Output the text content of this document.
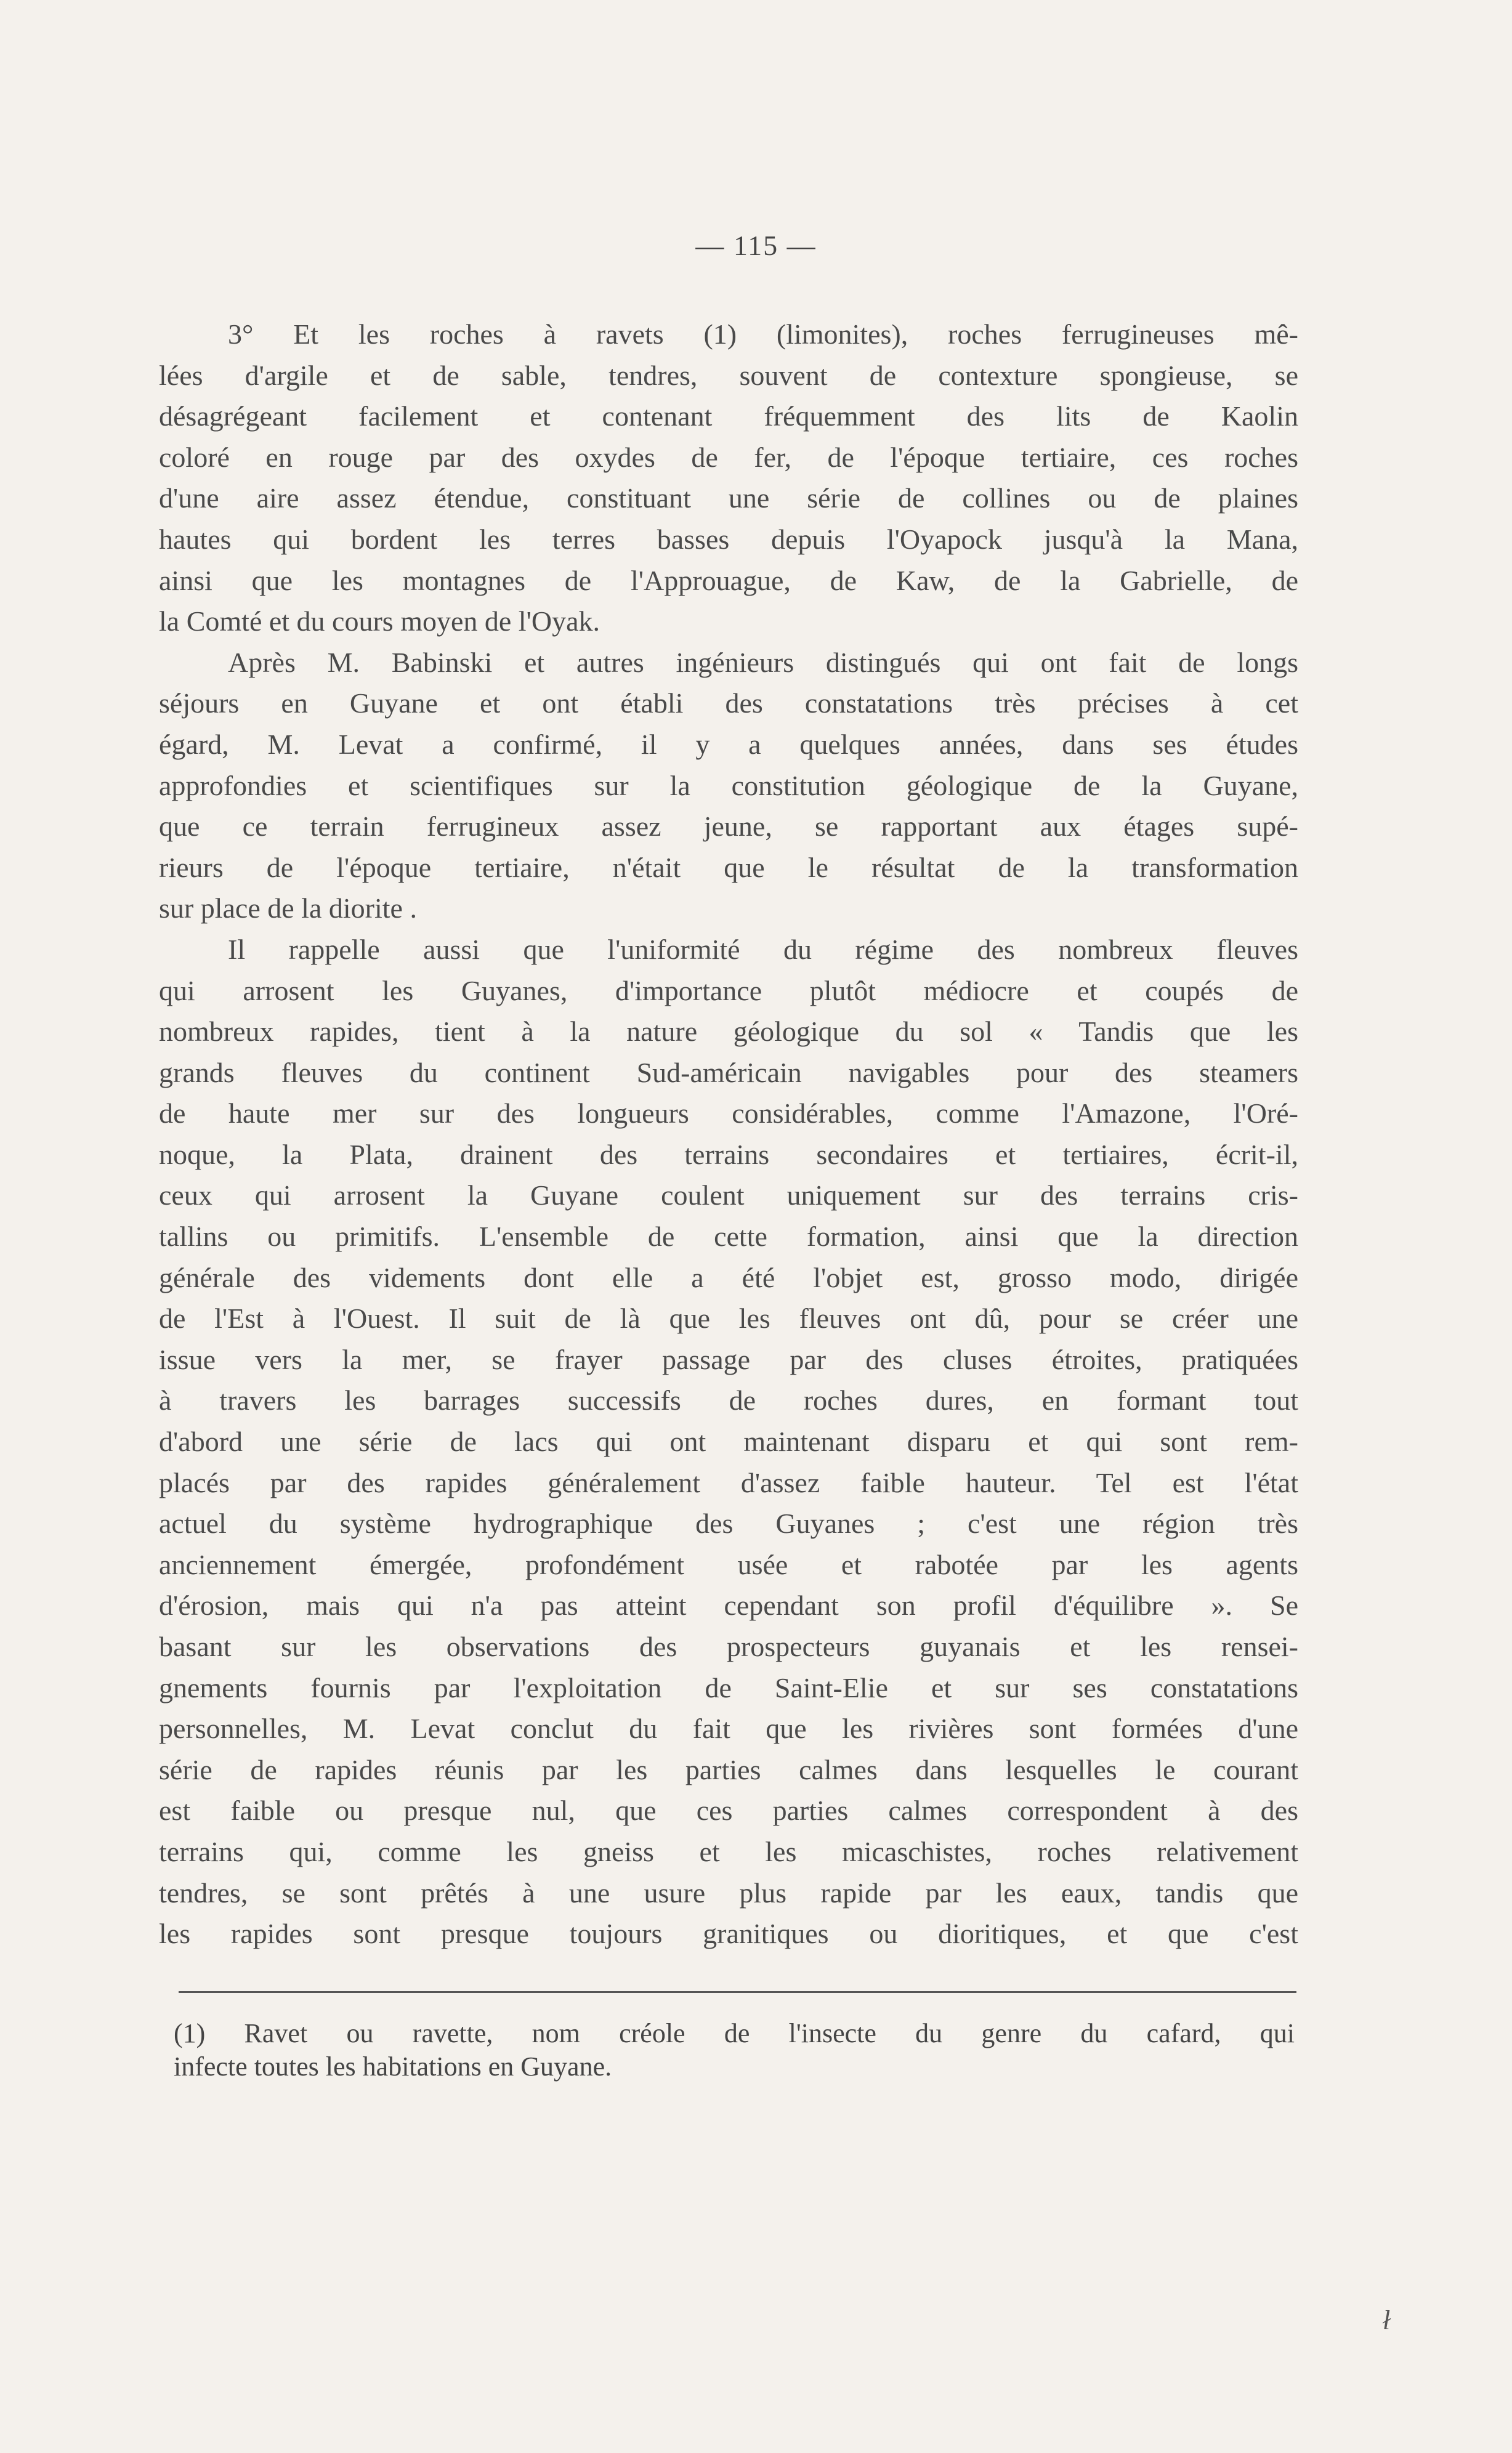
— 115 —
3° Et les roches à ravets (1) (limonites), roches ferrugineuses mê-
lées d'argile et de sable, tendres, souvent de contexture spongieuse, se
désagrégeant facilement et contenant fréquemment des lits de Kaolin
coloré en rouge par des oxydes de fer, de l'époque tertiaire, ces roches
d'une aire assez étendue, constituant une série de collines ou de plaines
hautes qui bordent les terres basses depuis l'Oyapock jusqu'à la Mana,
ainsi que les montagnes de l'Approuague, de Kaw, de la Gabrielle, de
la Comté et du cours moyen de l'Oyak.
Après M. Babinski et autres ingénieurs distingués qui ont fait de longs
séjours en Guyane et ont établi des constatations très précises à cet
égard, M. Levat a confirmé, il y a quelques années, dans ses études
approfondies et scientifiques sur la constitution géologique de la Guyane,
que ce terrain ferrugineux assez jeune, se rapportant aux étages supé-
rieurs de l'époque tertiaire, n'était que le résultat de la transformation
sur place de la diorite .
Il rappelle aussi que l'uniformité du régime des nombreux fleuves
qui arrosent les Guyanes, d'importance plutôt médiocre et coupés de
nombreux rapides, tient à la nature géologique du sol « Tandis que les
grands fleuves du continent Sud-américain navigables pour des steamers
de haute mer sur des longueurs considérables, comme l'Amazone, l'Oré-
noque, la Plata, drainent des terrains secondaires et tertiaires, écrit-il,
ceux qui arrosent la Guyane coulent uniquement sur des terrains cris-
tallins ou primitifs. L'ensemble de cette formation, ainsi que la direction
générale des videments dont elle a été l'objet est, grosso modo, dirigée
de l'Est à l'Ouest. Il suit de là que les fleuves ont dû, pour se créer une
issue vers la mer, se frayer passage par des cluses étroites, pratiquées
à travers les barrages successifs de roches dures, en formant tout
d'abord une série de lacs qui ont maintenant disparu et qui sont rem-
placés par des rapides généralement d'assez faible hauteur. Tel est l'état
actuel du système hydrographique des Guyanes ; c'est une région très
anciennement émergée, profondément usée et rabotée par les agents
d'érosion, mais qui n'a pas atteint cependant son profil d'équilibre ». Se
basant sur les observations des prospecteurs guyanais et les rensei-
gnements fournis par l'exploitation de Saint-Elie et sur ses constatations
personnelles, M. Levat conclut du fait que les rivières sont formées d'une
série de rapides réunis par les parties calmes dans lesquelles le courant
est faible ou presque nul, que ces parties calmes correspondent à des
terrains qui, comme les gneiss et les micaschistes, roches relativement
tendres, se sont prêtés à une usure plus rapide par les eaux, tandis que
les rapides sont presque toujours granitiques ou dioritiques, et que c'est
(1) Ravet ou ravette, nom créole de l'insecte du genre du cafard, qui
infecte toutes les habitations en Guyane.
ł
